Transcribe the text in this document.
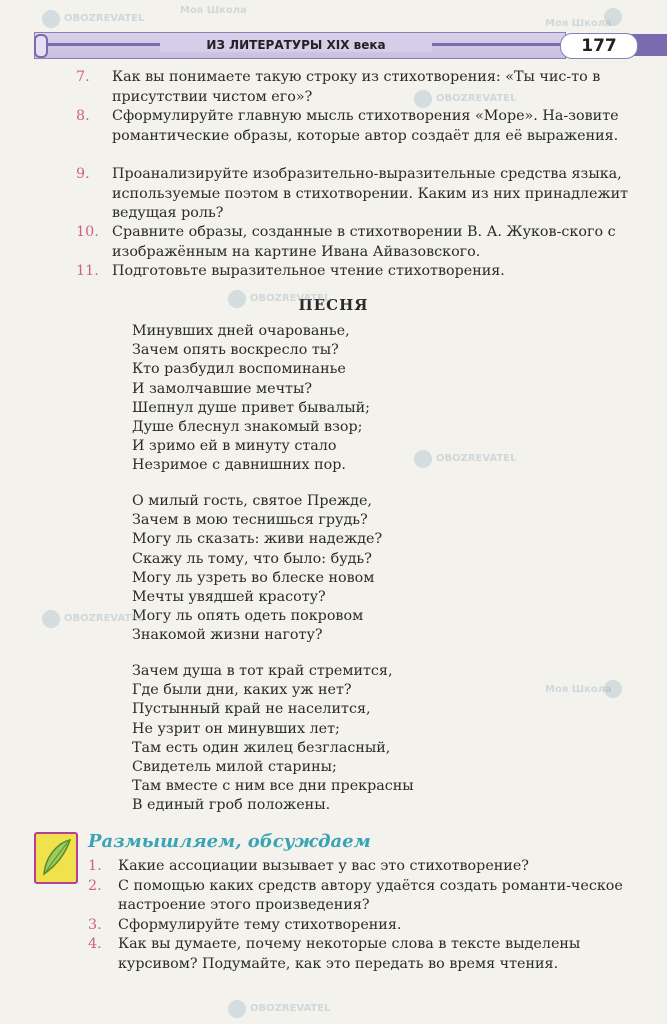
ИЗ ЛИТЕРАТУРЫ XIX века	177
7. Как вы понимаете такую строку из стихотворения: «Ты чис-то в присутствии чистом его»?
8. Сформулируйте главную мысль стихотворения «Море». На-зовите романтические образы, которые автор создаёт для её выражения.
9. Проанализируйте изобразительно-выразительные средства языка, используемые поэтом в стихотворении. Каким из них принадлежит ведущая роль?
10. Сравните образы, созданные в стихотворении В. А. Жуков-ского с изображённым на картине Ивана Айвазовского.
11. Подготовьте выразительное чтение стихотворения.
ПЕСНЯ
Минувших дней очарованье,
Зачем опять воскресло ты?
Кто разбудил воспоминанье
И замолчавшие мечты?
Шепнул душе привет бывалый;
Душе блеснул знакомый взор;
И зримо ей в минуту стало
Незримое с давнишних пор.
О милый гость, святое Прежде,
Зачем в мою теснишься грудь?
Могу ль сказать: живи надежде?
Скажу ль тому, что было: будь?
Могу ль узреть во блеске новом
Мечты увядшей красоту?
Могу ль опять одеть покровом
Знакомой жизни наготу?
Зачем душа в тот край стремится,
Где были дни, каких уж нет?
Пустынный край не населится,
Не узрит он минувших лет;
Там есть один жилец безгласный,
Свидетель милой старины;
Там вместе с ним все дни прекрасны
В единый гроб положены.
Размышляем, обсуждаем
1. Какие ассоциации вызывает у вас это стихотворение?
2. С помощью каких средств автору удаётся создать романти-ческое настроение этого произведения?
3. Сформулируйте тему стихотворения.
4. Как вы думаете, почему некоторые слова в тексте выделены курсивом? Подумайте, как это передать во время чтения.
OBOZREVATEL
Моя Школа
Моя Школа
OBOZREVATEL
OBOZREVATEL
OBOZREVATEL
OBOZREVATEL
Моя Школа
OBOZREVATEL
